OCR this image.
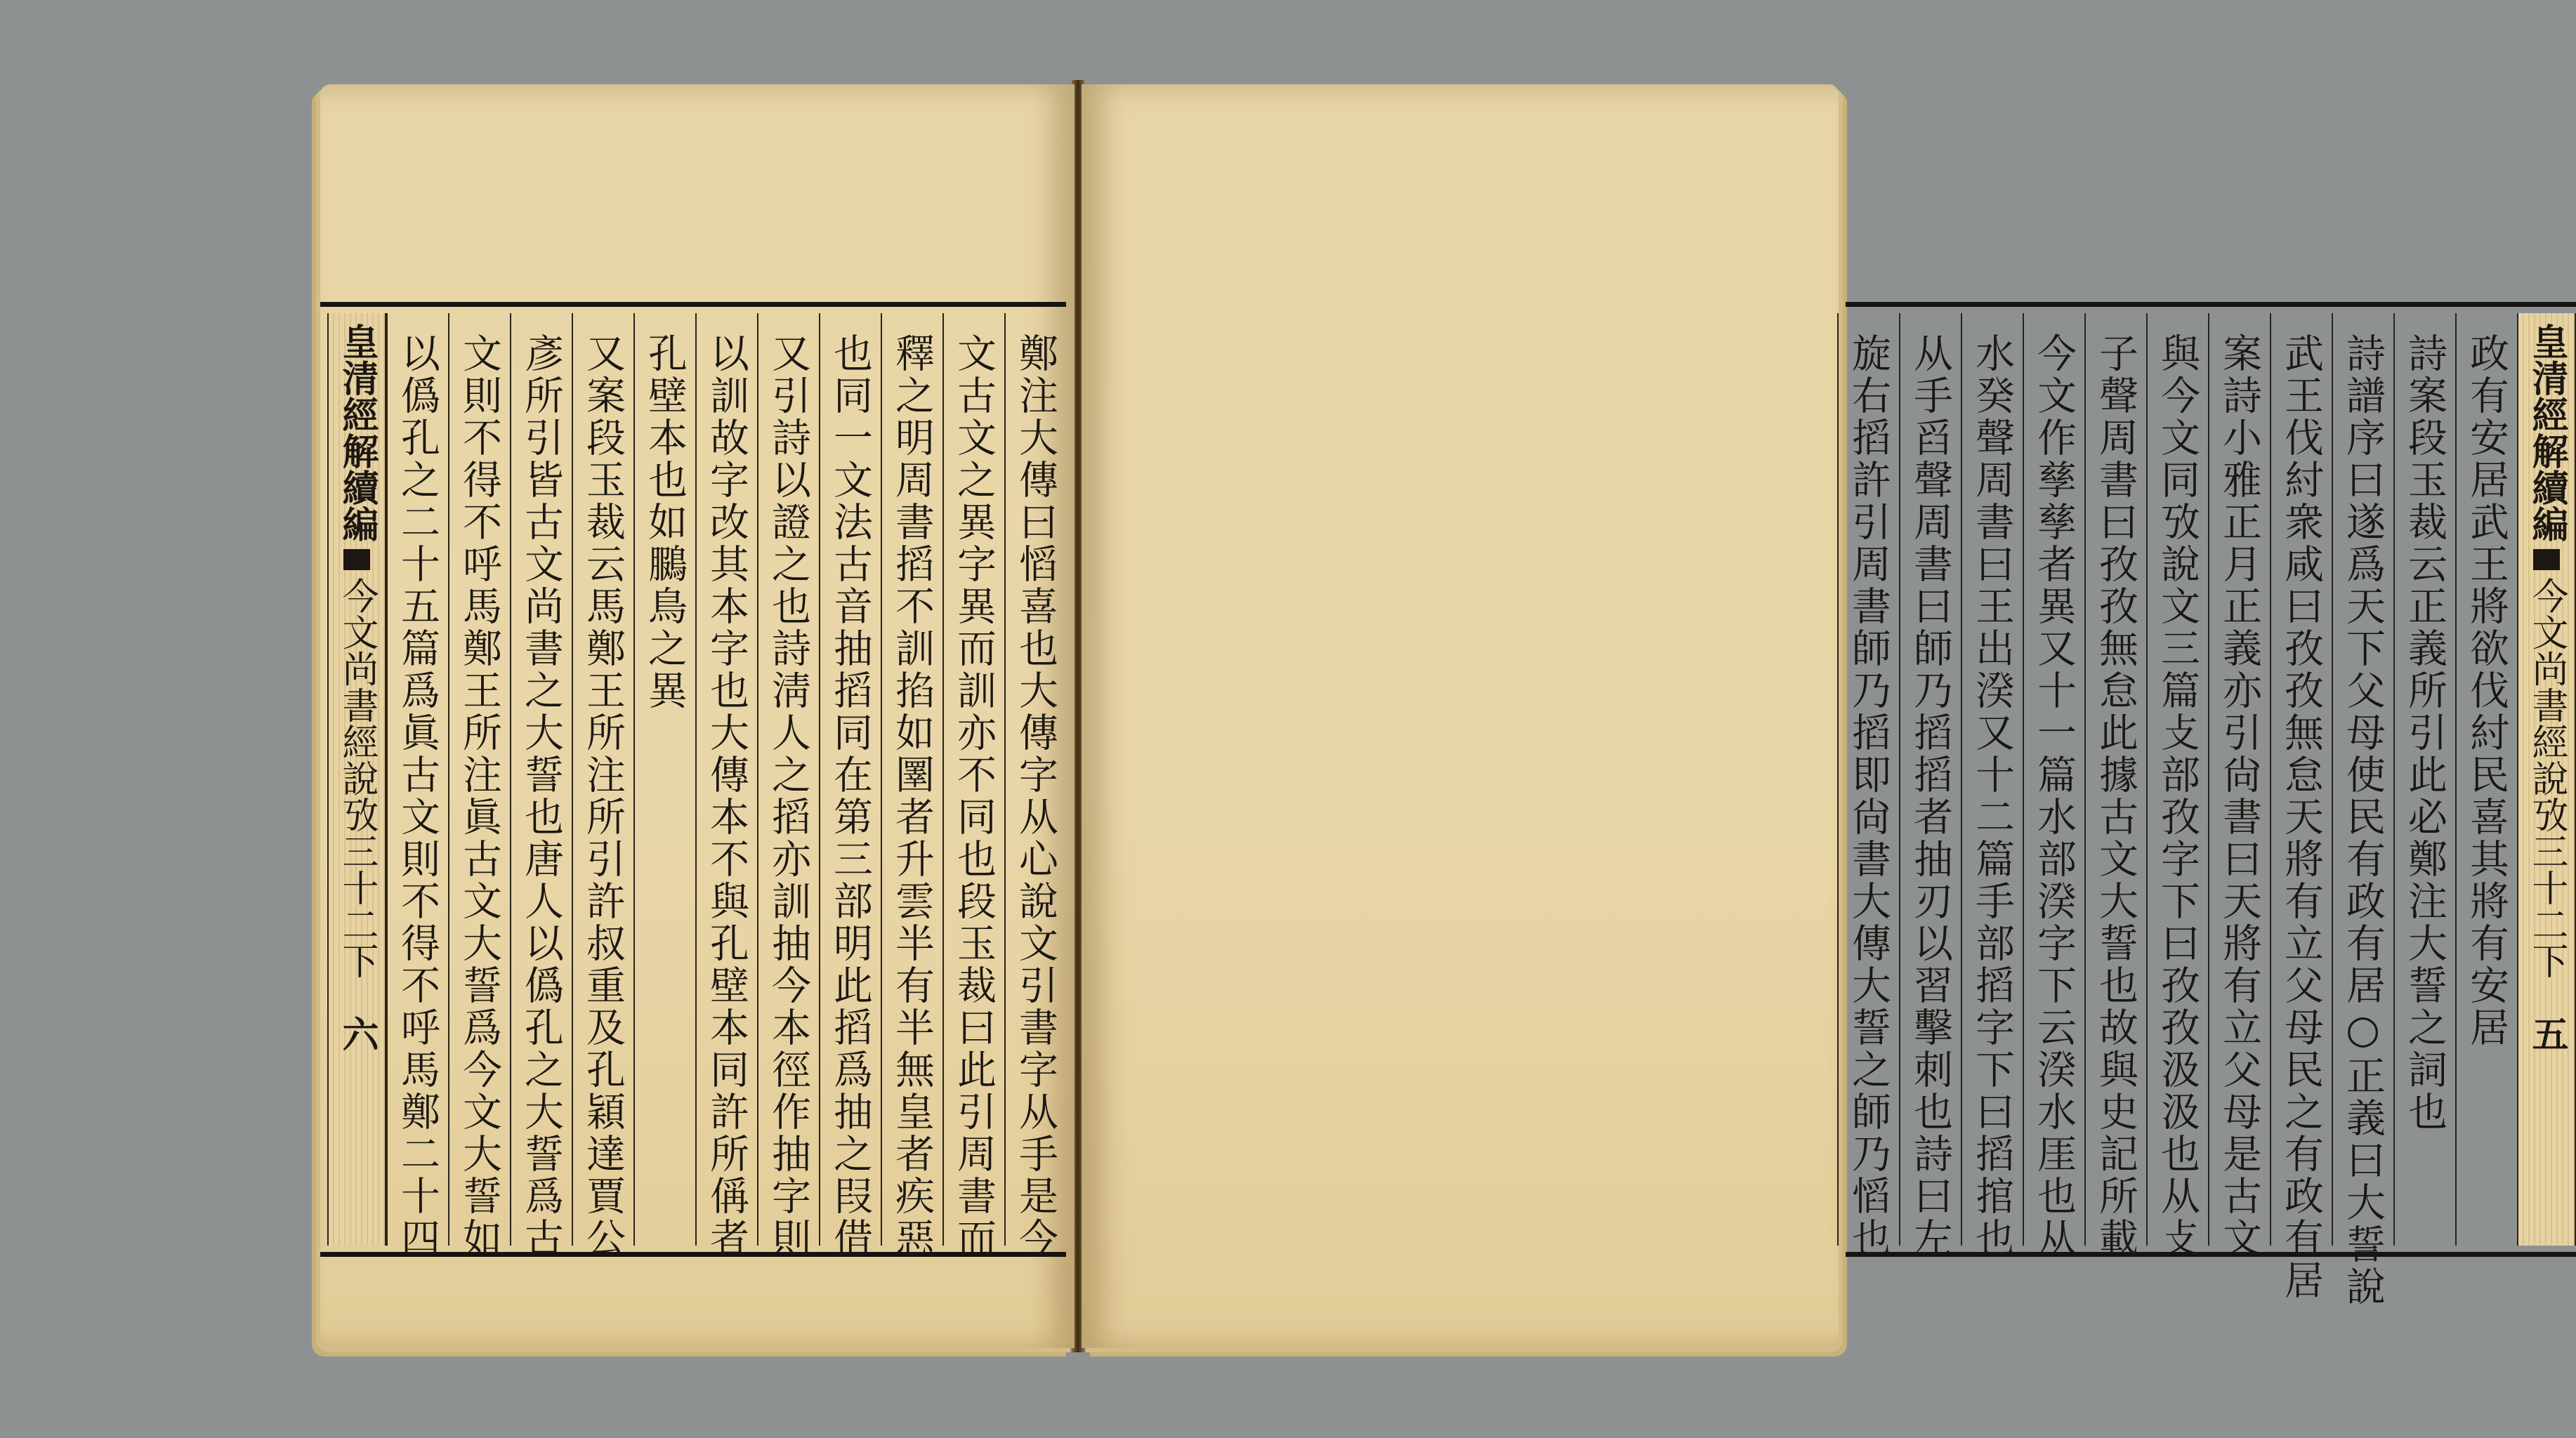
鄭注大傳曰慆喜也大傳字从心說文引書字从手是今
文古文之異字異而訓亦不同也段玉裁曰此引周書而
釋之明周書搯不訓掐如圛者升雲半有半無皇者疾惡
也同一文法古音抽搯同在第三部明此搯爲抽之叚借
又引詩以證之也詩淸人之搯亦訓抽今本徑作抽字則
以訓故字改其本字也大傳本不與孔壁本同許所偁者
孔壁本也如鵩鳥之異
又案段玉裁云馬鄭王所注所引許叔重及孔穎達賈公
彥所引皆古文尚書之大誓也唐人以僞孔之大誓爲古
文則不得不呼馬鄭王所注眞古文大誓爲今文大誓如
以僞孔之二十五篇爲眞古文則不得不呼馬鄭二十四
皇清經解續編今文尚書經說攷三十二下　六
皇清經解續編今文尚書經說攷三十二下　五
政有安居武王將欲伐紂民喜其將有安居
詩案段玉裁云正義所引此必鄭注大誓之詞也
詩譜序曰遂爲天下父母使民有政有居○正義曰大誓說
武王伐紂衆咸曰孜孜無怠天將有立父母民之有政有居
案詩小雅正月正義亦引尙書曰天將有立父母是古文
與今文同攷說文三篇攴部孜字下曰孜孜汲汲也从攴
子聲周書曰孜孜無怠此據古文大誓也故與史記所載
今文作孳孳者異又十一篇水部湀字下云湀水厓也从
水癸聲周書曰王出湀又十二篇手部搯字下曰搯捾也
从手舀聲周書曰師乃搯搯者抽刃以習擊刺也詩曰左
旋右搯許引周書師乃搯即尙書大傳大誓之師乃慆也
